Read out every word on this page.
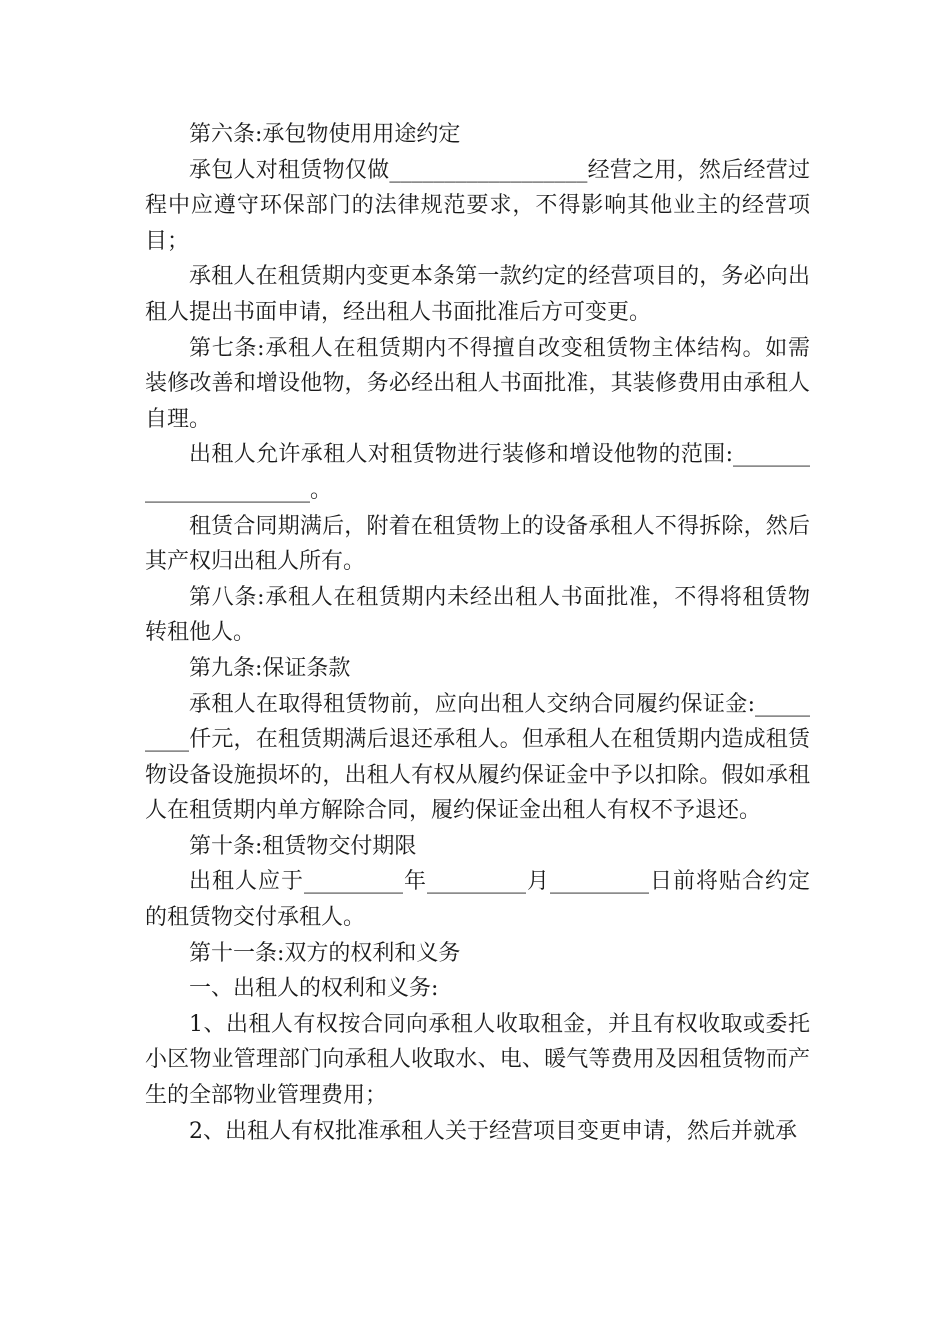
第六条:承包物使用用途约定

承包人对租赁物仅做__________________经营之用，然后经营过程中应遵守环保部门的法律规范要求，不得影响其他业主的经营项目；

承租人在租赁期内变更本条第一款约定的经营项目的，务必向出租人提出书面申请，经出租人书面批准后方可变更。

第七条:承租人在租赁期内不得擅自改变租赁物主体结构。如需装修改善和增设他物，务必经出租人书面批准，其装修费用由承租人自理。

出租人允许承租人对租赁物进行装修和增设他物的范围:______________________。

租赁合同期满后，附着在租赁物上的设备承租人不得拆除，然后其产权归出租人所有。

第八条:承租人在租赁期内未经出租人书面批准，不得将租赁物转租他人。

第九条:保证条款

承租人在取得租赁物前，应向出租人交纳合同履约保证金:_________仟元，在租赁期满后退还承租人。但承租人在租赁期内造成租赁物设备设施损坏的，出租人有权从履约保证金中予以扣除。假如承租人在租赁期内单方解除合同，履约保证金出租人有权不予退还。

第十条:租赁物交付期限

出租人应于_________年_________月_________日前将贴合约定的租赁物交付承租人。

第十一条:双方的权利和义务

一、出租人的权利和义务:

1、出租人有权按合同向承租人收取租金，并且有权收取或委托小区物业管理部门向承租人收取水、电、暖气等费用及因租赁物而产生的全部物业管理费用；

2、出租人有权批准承租人关于经营项目变更申请，然后并就承
